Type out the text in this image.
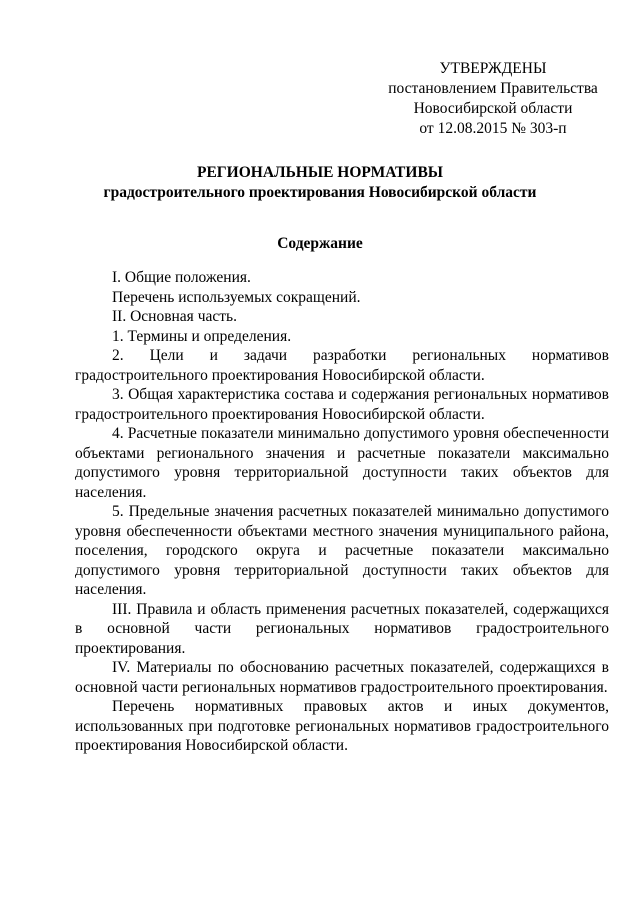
УТВЕРЖДЕНЫ
постановлением Правительства
Новосибирской области
от 12.08.2015 № 303-п
РЕГИОНАЛЬНЫЕ НОРМАТИВЫ
градостроительного проектирования Новосибирской области
Содержание

I. Общие положения.

Перечень используемых сокращений.

II. Основная часть.

1. Термины и определения.

2. Цели и задачи разработки региональных нормативов градостроительного проектирования Новосибирской области.

3. Общая характеристика состава и содержания региональных нормативов градостроительного проектирования Новосибирской области.

4. Расчетные показатели минимально допустимого уровня обеспеченности объектами регионального значения и расчетные показатели максимально допустимого уровня территориальной доступности таких объектов для населения.

5. Предельные значения расчетных показателей минимально допустимого уровня обеспеченности объектами местного значения муниципального района, поселения, городского округа и расчетные показатели максимально допустимого уровня территориальной доступности таких объектов для населения.

III. Правила и область применения расчетных показателей, содержащихся в основной части региональных нормативов градостроительного проектирования.

IV. Материалы по обоснованию расчетных показателей, содержащихся в основной части региональных нормативов градостроительного проектирования.

Перечень нормативных правовых актов и иных документов, использованных при подготовке региональных нормативов градостроительного проектирования Новосибирской области.
